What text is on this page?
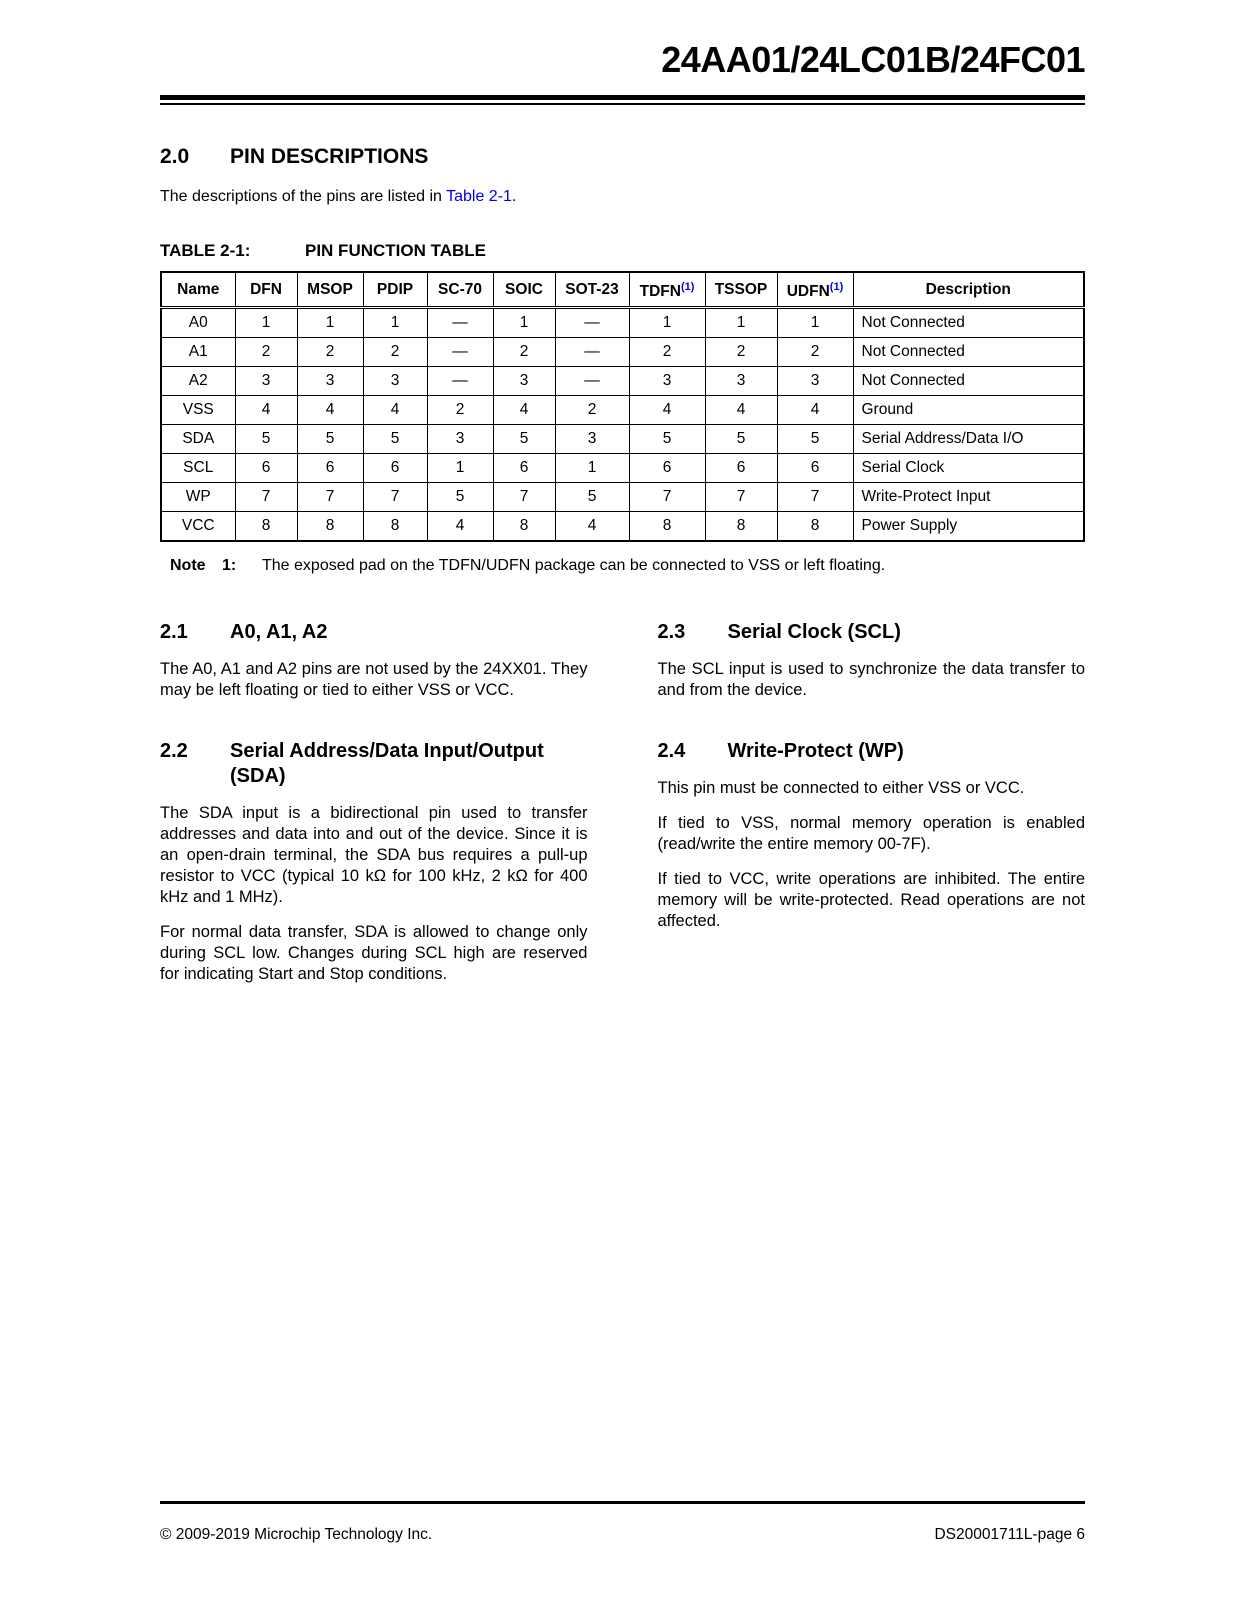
24AA01/24LC01B/24FC01
2.0	PIN DESCRIPTIONS
The descriptions of the pins are listed in Table 2-1.
TABLE 2-1:	PIN FUNCTION TABLE
Name	DFN	MSOP	PDIP	SC-70	SOIC	SOT-23	TDFN$^{(1)}$	TSSOP	UDFN$^{(1)}$	Description
A0	1	1	1	—	1	—	1	1	1	Not Connected
A1	2	2	2	—	2	—	2	2	2	Not Connected
A2	3	3	3	—	3	—	3	3	3	Not Connected
VSS	4	4	4	2	4	2	4	4	4	Ground
SDA	5	5	5	3	5	3	5	5	5	Serial Address/Data I/O
SCL	6	6	6	1	6	1	6	6	6	Serial Clock
WP	7	7	7	5	7	5	7	7	7	Write-Protect Input
VCC	8	8	8	4	8	4	8	8	8	Power Supply
Note	1:	The exposed pad on the TDFN/UDFN package can be connected to VSS or left floating.
2.1	A0, A1, A2

The A0, A1 and A2 pins are not used by the 24XX01. They may be left floating or tied to either VSS or VCC.

2.2	Serial Address/Data Input/Output (SDA)

The SDA input is a bidirectional pin used to transfer addresses and data into and out of the device. Since it is an open-drain terminal, the SDA bus requires a pull-up resistor to VCC (typical 10 kΩ for 100 kHz, 2 kΩ for 400 kHz and 1 MHz).

For normal data transfer, SDA is allowed to change only during SCL low. Changes during SCL high are reserved for indicating Start and Stop conditions.

2.3	Serial Clock (SCL)

The SCL input is used to synchronize the data transfer to and from the device.

2.4	Write-Protect (WP)

This pin must be connected to either VSS or VCC.

If tied to VSS, normal memory operation is enabled (read/write the entire memory 00-7F).

If tied to VCC, write operations are inhibited. The entire memory will be write-protected. Read operations are not affected.

© 2009-2019 Microchip Technology Inc.	DS20001711L-page 6
